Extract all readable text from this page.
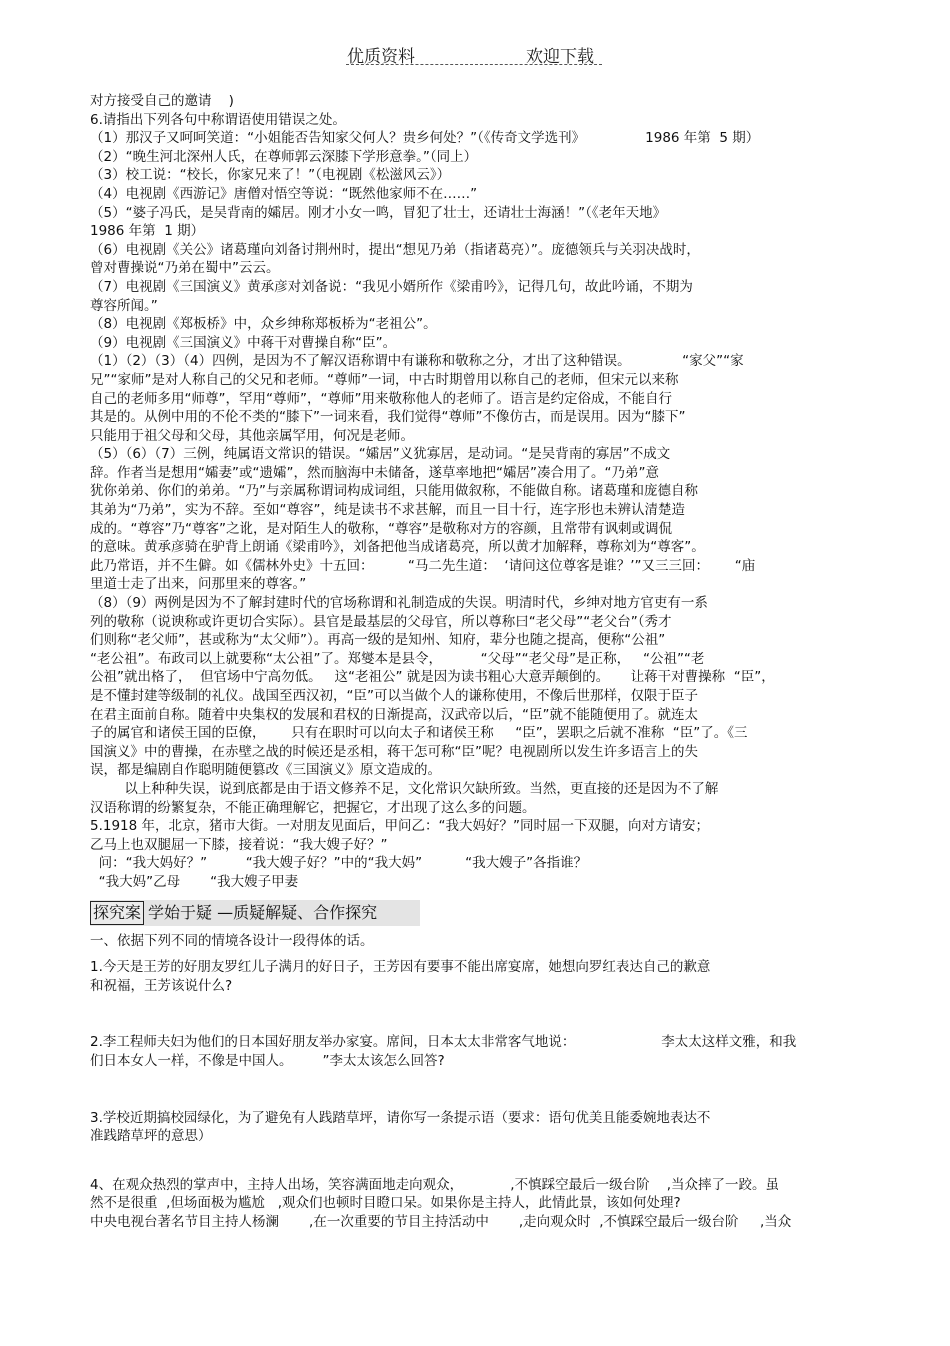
优质资料	欢迎下载
对方接受自己的邀请    )
6.请指出下列各句中称谓语使用错误之处。
（1）那汉子又呵呵笑道：“小姐能否告知家父何人？贵乡何处？”（《传奇文学选刊》              1986 年第  5 期）
（2）“晚生河北深州人氏，在尊师郭云深膝下学形意拳。”（同上）
（3）校工说：“校长，你家兄来了！”（电视剧《松滋风云》）
（4）电视剧《西游记》唐僧对悟空等说：“既然他家师不在……”
（5）“婆子冯氏，是吴背南的孀居。刚才小女一鸣，冒犯了壮士，还请壮士海涵！”（《老年天地》
1986 年第  1 期）
（6）电视剧《关公》诸葛瑾向刘备讨荆州时，提出“想见乃弟（指诸葛亮）”。庞德领兵与关羽决战时，
曾对曹操说“乃弟在蜀中”云云。
（7）电视剧《三国演义》黄承彦对刘备说：“我见小婿所作《梁甫吟》，记得几句，故此吟诵，不期为
尊容所闻。”
（8）电视剧《郑板桥》中，众乡绅称郑板桥为“老祖公”。
（9）电视剧《三国演义》中蒋干对曹操自称“臣”。
（1）（2）（3）（4）四例，是因为不了解汉语称谓中有谦称和敬称之分，才出了这种错误。            “家父”“家
兄”“家师”是对人称自己的父兄和老师。“尊师”一词，中古时期曾用以称自己的老师，但宋元以来称
自己的老师多用“师尊”，罕用“尊师”，“尊师”用来敬称他人的老师了。语言是约定俗成，不能自行
其是的。从例中用的不伦不类的“膝下”一词来看，我们觉得“尊师”不像仿古，而是误用。因为“膝下”
只能用于祖父母和父母，其他亲属罕用，何况是老师。
（5）（6）（7）三例，纯属语文常识的错误。“孀居”义犹寡居，是动词。“是吴背南的寡居”不成文
辞。作者当是想用“孀妻”或“遗孀”，然而脑海中未储备，遂草率地把“孀居”凑合用了。“乃弟”意
犹你弟弟、你们的弟弟。“乃”与亲属称谓词构成词组，只能用做叙称，不能做自称。诸葛瑾和庞德自称
其弟为“乃弟”，实为不辞。至如“尊容”，纯是读书不求甚解，而且一目十行，连字形也未辨认清楚造
成的。“尊容”乃“尊客”之讹，是对陌生人的敬称，“尊容”是敬称对方的容颜，且常带有讽刺或调侃
的意味。黄承彦骑在驴背上朗诵《梁甫吟》，刘备把他当成诸葛亮，所以黄才加解释，尊称刘为“尊客”。
此乃常语，并不生僻。如《儒林外史》十五回：        “马二先生道：  ‘请问这位尊客是谁？’”又三三回：      “庙
里道士走了出来，问那里来的尊客。”
（8）（9）两例是因为不了解封建时代的官场称谓和礼制造成的失误。明清时代，乡绅对地方官吏有一系
列的敬称（说谀称或许更切合实际）。县官是最基层的父母官，所以尊称曰“老父母”“老父台”（秀才
们则称“老父师”，甚或称为“太父师”）。再高一级的是知州、知府，辈分也随之提高，便称“公祖”
“老公祖”。布政司以上就要称“太公祖”了。郑燮本是县令，         “父母”“老父母”是正称，   “公祖”“老
公祖”就出格了，  但官场中宁高勿低。   这“老祖公” 就是因为读书粗心大意弄颠倒的。     让蒋干对曹操称  “臣”，
是不懂封建等级制的礼仪。战国至西汉初，“臣”可以当做个人的谦称使用，不像后世那样，仅限于臣子
在君主面前自称。随着中央集权的发展和君权的日渐提高，汉武帝以后，“臣”就不能随便用了。就连太
子的属官和诸侯王国的臣僚，      只有在职时可以向太子和诸侯王称     “臣”，罢职之后就不准称  “臣”了。《三
国演义》中的曹操，在赤壁之战的时候还是丞相，蒋干怎可称“臣”呢？电视剧所以发生许多语言上的失
误，都是编剧自作聪明随便篡改《三国演义》原文造成的。
以上种种失误，说到底都是由于语文修养不足，文化常识欠缺所致。当然，更直接的还是因为不了解
汉语称谓的纷繁复杂，不能正确理解它，把握它，才出现了这么多的问题。
5.1918 年，北京，猪市大街。一对朋友见面后，甲问乙：“我大妈好？”同时屈一下双腿，向对方请安；
乙马上也双腿屈一下膝，接着说：“我大嫂子好？”
问：“我大妈好？”         “我大嫂子好？”中的“我大妈”          “我大嫂子”各指谁？
“我大妈”乙母       “我大嫂子甲妻
探究案 学始于疑 —质疑解疑、合作探究
一、依据下列不同的情境各设计一段得体的话。
1.今天是王芳的好朋友罗红儿子满月的好日子，王芳因有要事不能出席宴席，她想向罗红表达自己的歉意
和祝福，王芳该说什么?
2.李工程师夫妇为他们的日本国好朋友举办家宴。席间，日本太太非常客气地说：                    李太太这样文雅，和我
们日本女人一样，不像是中国人。       ”李太太该怎么回答?
3.学校近期搞校园绿化，为了避免有人践踏草坪，请你写一条提示语（要求：语句优美且能委婉地表达不
准践踏草坪的意思）
4、在观众热烈的掌声中，主持人出场，笑容满面地走向观众，           ,不慎踩空最后一级台阶    ,当众摔了一跤。虽
然不是很重  ,但场面极为尴尬   ,观众们也顿时目瞪口呆。如果你是主持人，此情此景，该如何处理?
中央电视台著名节目主持人杨澜       ,在一次重要的节目主持活动中       ,走向观众时  ,不慎踩空最后一级台阶     ,当众
